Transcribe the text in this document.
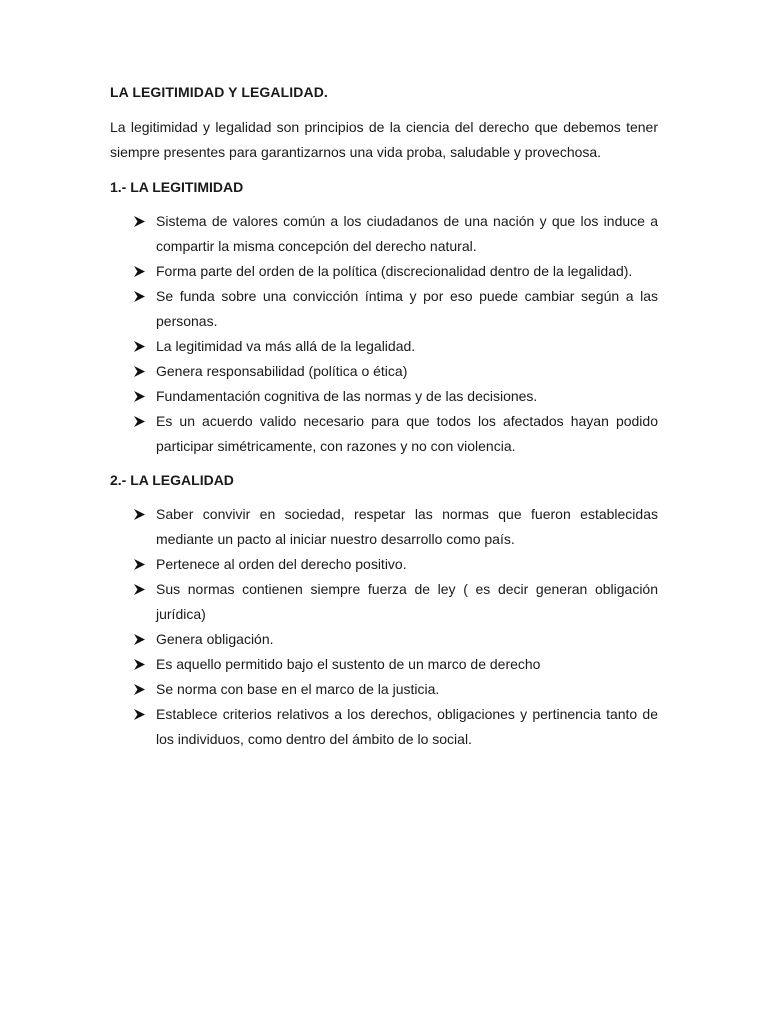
LA LEGITIMIDAD Y LEGALIDAD.
La legitimidad y legalidad son principios de la ciencia del derecho que debemos tener siempre presentes para garantizarnos una vida proba, saludable y provechosa.
1.- LA LEGITIMIDAD
Sistema de valores común a los ciudadanos de una nación y que los induce a compartir la misma concepción del derecho natural.
Forma parte del orden de la política (discrecionalidad dentro de la legalidad).
Se funda sobre una convicción íntima y por eso puede cambiar según a las personas.
La legitimidad va más allá de la legalidad.
Genera responsabilidad (política o ética)
Fundamentación cognitiva de las normas y de las decisiones.
Es un acuerdo valido necesario para que todos los afectados hayan podido participar simétricamente, con razones y no con violencia.
2.- LA LEGALIDAD
Saber convivir en sociedad, respetar las normas que fueron establecidas mediante un pacto al iniciar nuestro desarrollo como país.
Pertenece al orden del derecho positivo.
Sus normas contienen siempre fuerza de ley ( es decir generan obligación jurídica)
Genera obligación.
Es aquello permitido bajo el sustento de un marco de derecho
Se norma con base en el marco de la justicia.
Establece criterios relativos a los derechos, obligaciones y pertinencia tanto de los individuos, como dentro del ámbito de lo social.
